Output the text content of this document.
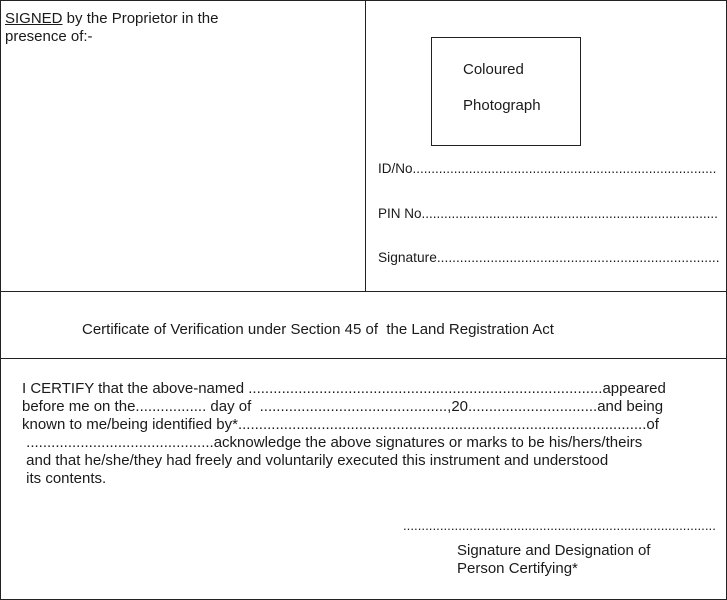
SIGNED by the Proprietor in the
presence of:-
Coloured
Photograph
ID/No.................................................................................
PIN No...............................................................................
Signature..........................................................................
Certificate of Verification under Section 45 of  the Land Registration Act
I CERTIFY that the above-named .....................................................................................appeared
before me on the................. day of  .............................................,20...............................and being
known to me/being identified by*..................................................................................................of
.............................................acknowledge the above signatures or marks to be his/hers/theirs
and that he/she/they had freely and voluntarily executed this instrument and understood
its contents.
.....................................................................................
Signature and Designation of
Person Certifying*
